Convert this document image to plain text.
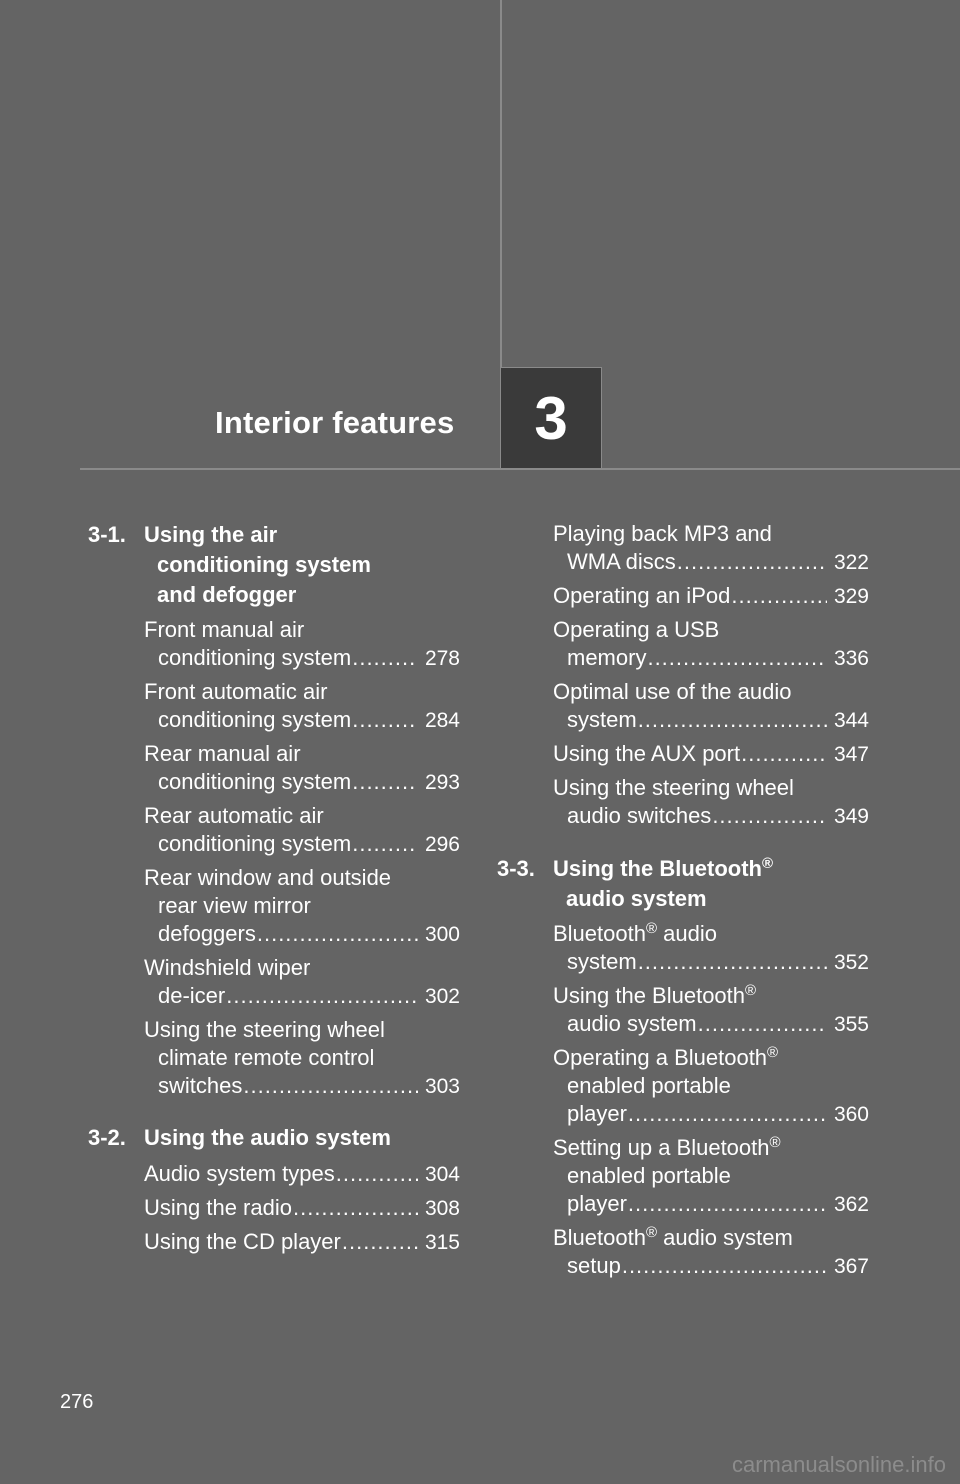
Interior features 3
3-1. Using the air
conditioning system
and defogger
Front manual air
conditioning system .....	278
Front automatic air
conditioning system .....	284
Rear manual air
conditioning system .....	293
Rear automatic air
conditioning system .....	296
Rear window and outside
rear view mirror
defoggers .....	300
Windshield wiper
de-icer .....	302
Using the steering wheel
climate remote control
switches .....	303
3-2. Using the audio system
Audio system types .....	304
Using the radio .....	308
Using the CD player .....	315
Playing back MP3 and
WMA discs .....	322
Operating an iPod .....	329
Operating a USB
memory .....	336
Optimal use of the audio
system .....	344
Using the AUX port .....	347
Using the steering wheel
audio switches .....	349
3-3. Using the Bluetooth®
audio system
Bluetooth® audio
system .....	352
Using the Bluetooth®
audio system .....	355
Operating a Bluetooth®
enabled portable
player .....	360
Setting up a Bluetooth®
enabled portable
player .....	362
Bluetooth® audio system
setup .....	367
276
carmanualsonline.info
